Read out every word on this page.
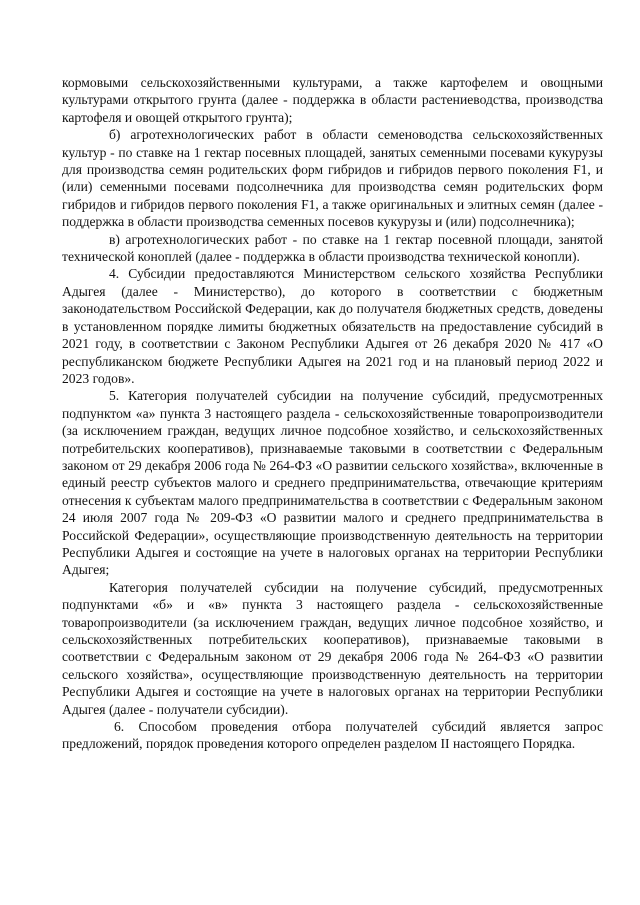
кормовыми сельскохозяйственными культурами, а также картофелем и овощными культурами открытого грунта (далее - поддержка в области растениеводства, производства картофеля и овощей открытого грунта);

б) агротехнологических работ в области семеноводства сельскохозяйственных культур - по ставке на 1 гектар посевных площадей, занятых семенными посевами кукурузы для производства семян родительских форм гибридов и гибридов первого поколения F1, и (или) семенными посевами подсолнечника для производства семян родительских форм гибридов и гибридов первого поколения F1, а также оригинальных и элитных семян (далее - поддержка в области производства семенных посевов кукурузы и (или) подсолнечника);

в) агротехнологических работ - по ставке на 1 гектар посевной площади, занятой технической коноплей (далее - поддержка в области производства технической конопли).

4. Субсидии предоставляются Министерством сельского хозяйства Республики Адыгея (далее - Министерство), до которого в соответствии с бюджетным законодательством Российской Федерации, как до получателя бюджетных средств, доведены в установленном порядке лимиты бюджетных обязательств на предоставление субсидий в 2021 году, в соответствии с Законом Республики Адыгея от 26 декабря 2020 № 417 «О республиканском бюджете Республики Адыгея на 2021 год и на плановый период 2022 и 2023 годов».

5. Категория получателей субсидии на получение субсидий, предусмотренных подпунктом «а» пункта 3 настоящего раздела - сельскохозяйственные товаропроизводители (за исключением граждан, ведущих личное подсобное хозяйство, и сельскохозяйственных потребительских кооперативов), признаваемые таковыми в соответствии с Федеральным законом от 29 декабря 2006 года № 264-ФЗ «О развитии сельского хозяйства», включенные в единый реестр субъектов малого и среднего предпринимательства, отвечающие критериям отнесения к субъектам малого предпринимательства в соответствии с Федеральным законом 24 июля 2007 года № 209-ФЗ «О развитии малого и среднего предпринимательства в Российской Федерации», осуществляющие производственную деятельность на территории Республики Адыгея и состоящие на учете в налоговых органах на территории Республики Адыгея;

Категория получателей субсидии на получение субсидий, предусмотренных подпунктами «б» и «в» пункта 3 настоящего раздела - сельскохозяйственные товаропроизводители (за исключением граждан, ведущих личное подсобное хозяйство, и сельскохозяйственных потребительских кооперативов), признаваемые таковыми в соответствии с Федеральным законом от 29 декабря 2006 года № 264-ФЗ «О развитии сельского хозяйства», осуществляющие производственную деятельность на территории Республики Адыгея и состоящие на учете в налоговых органах на территории Республики Адыгея (далее - получатели субсидии).

6. Способом проведения отбора получателей субсидий является запрос предложений, порядок проведения которого определен разделом II настоящего Порядка.
